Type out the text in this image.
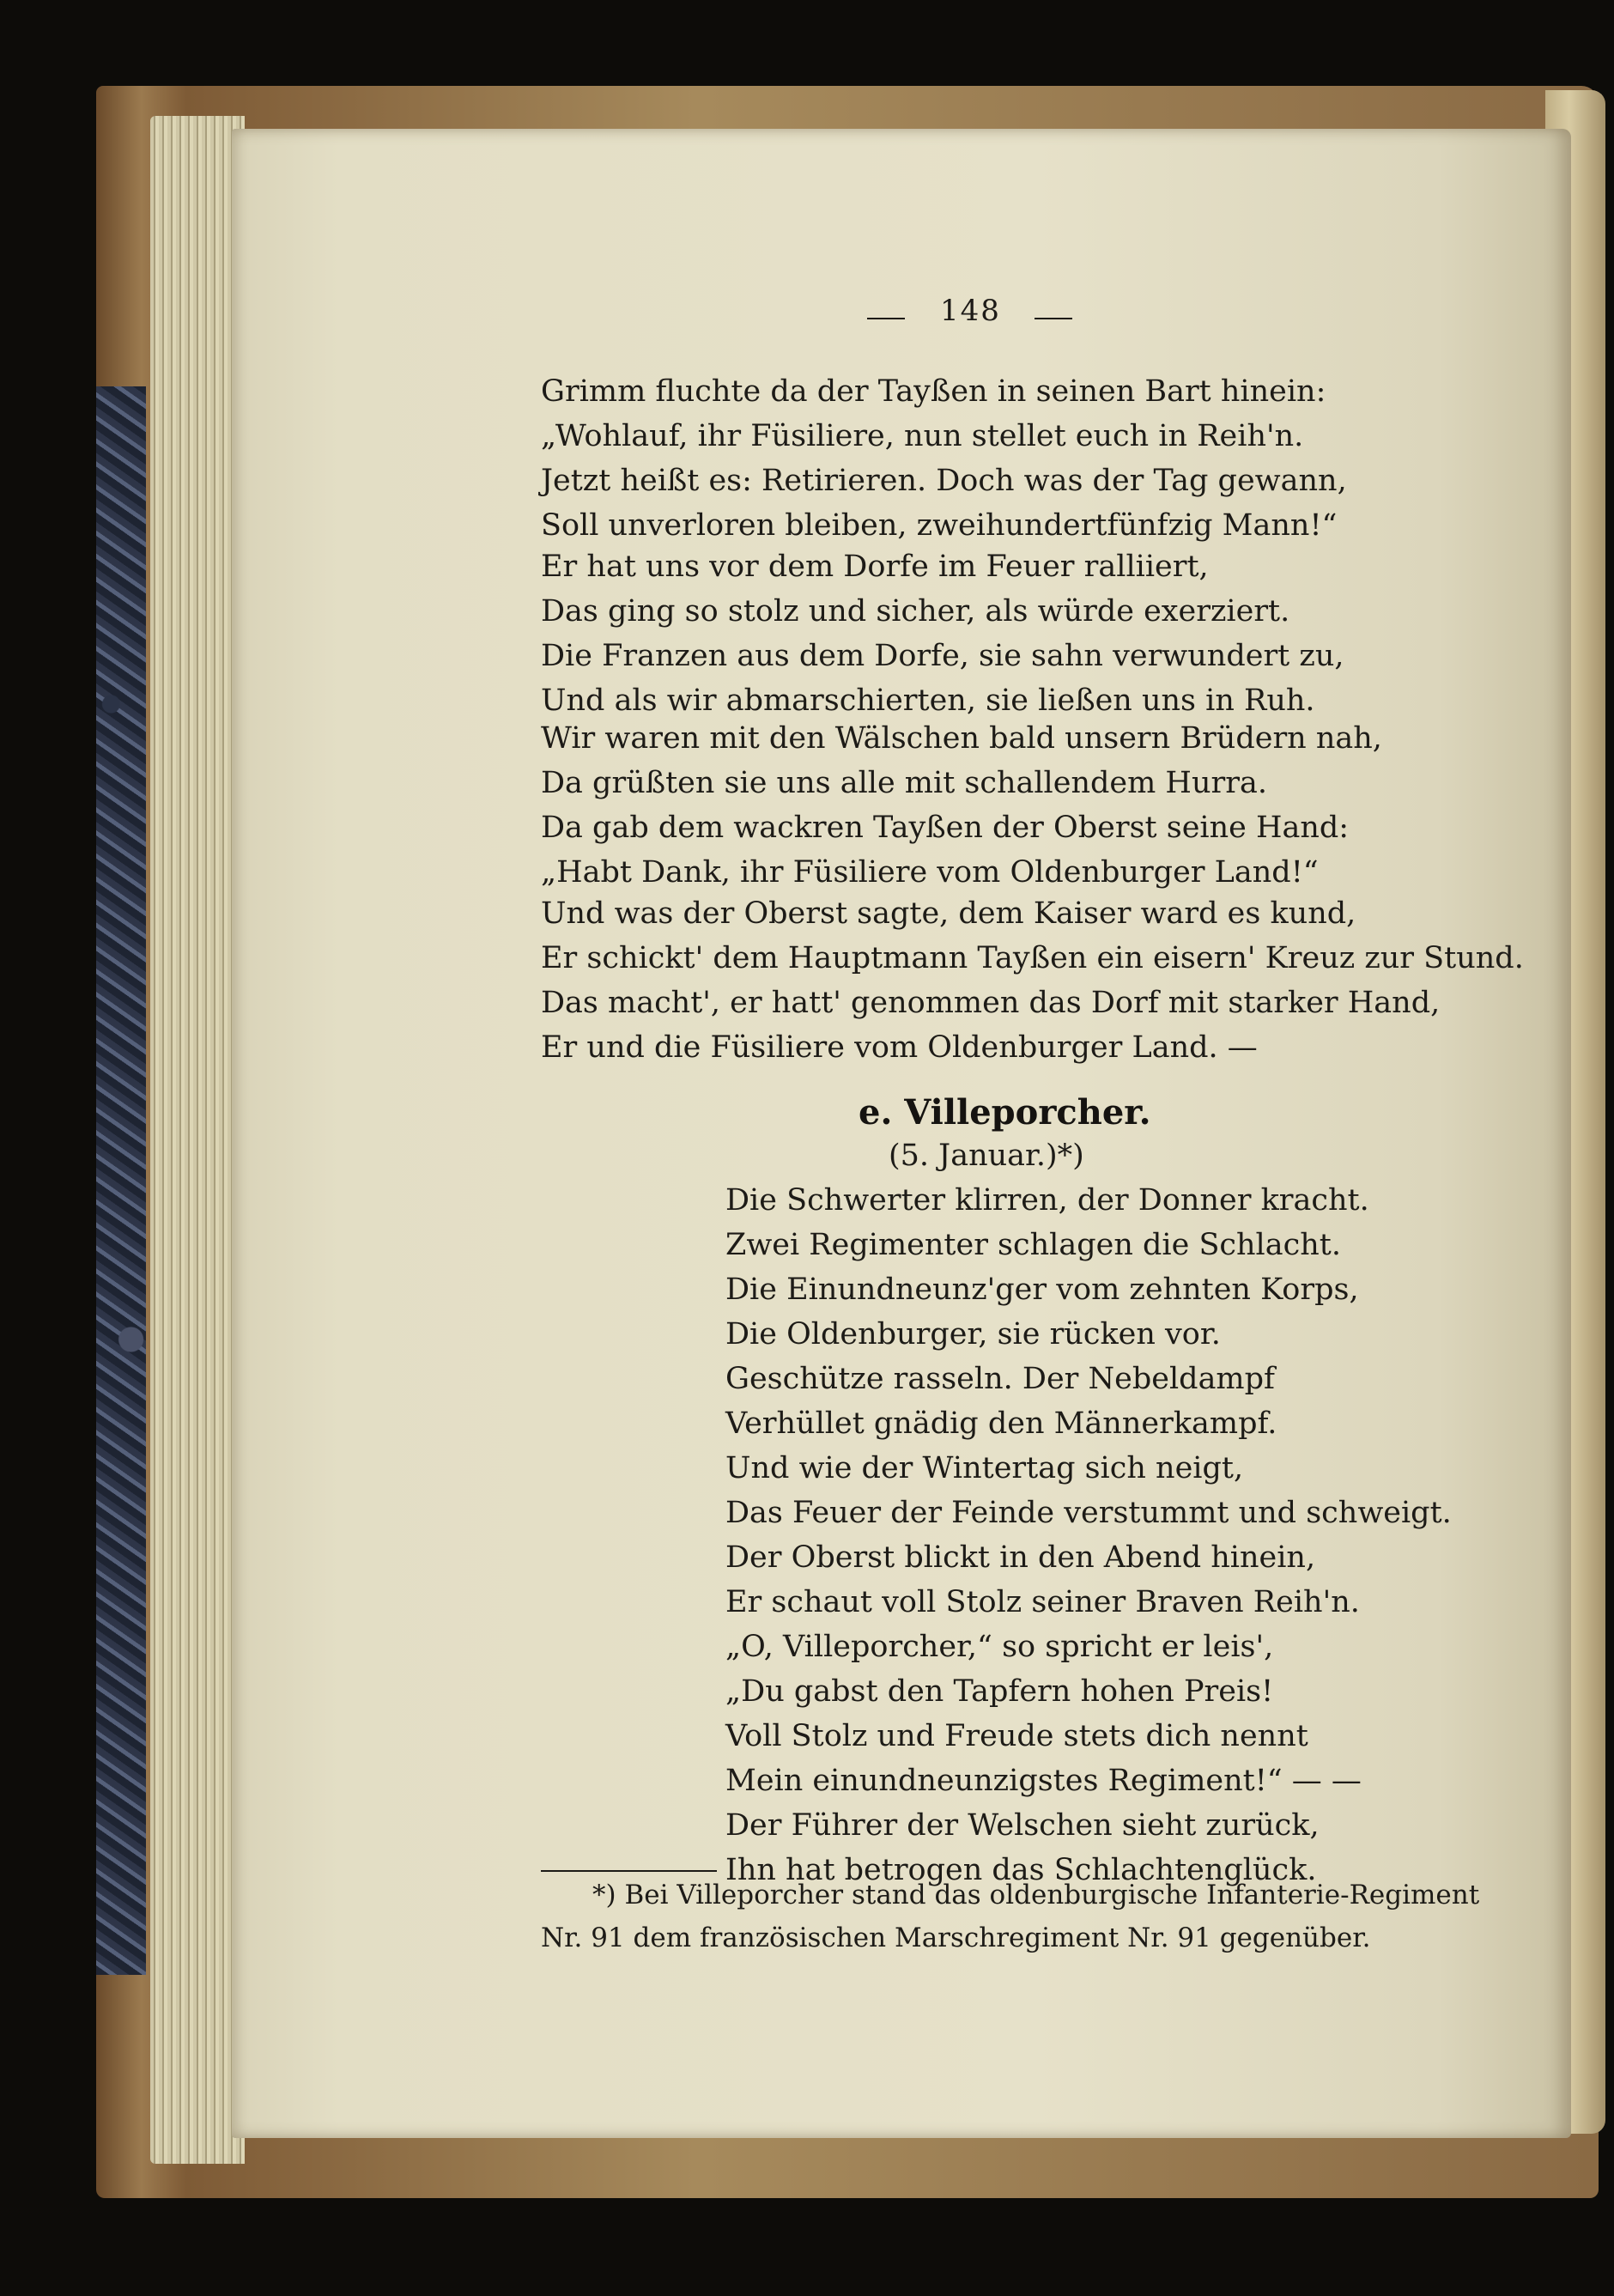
148
Grimm fluchte da der Tayßen in seinen Bart hinein:
„Wohlauf, ihr Füsiliere, nun stellet euch in Reih'n.
Jetzt heißt es: Retirieren. Doch was der Tag gewann,
Soll unverloren bleiben, zweihundertfünfzig Mann!“
Er hat uns vor dem Dorfe im Feuer ralliiert,
Das ging so stolz und sicher, als würde exerziert.
Die Franzen aus dem Dorfe, sie sahn verwundert zu,
Und als wir abmarschierten, sie ließen uns in Ruh.
Wir waren mit den Wälschen bald unsern Brüdern nah,
Da grüßten sie uns alle mit schallendem Hurra.
Da gab dem wackren Tayßen der Oberst seine Hand:
„Habt Dank, ihr Füsiliere vom Oldenburger Land!“
Und was der Oberst sagte, dem Kaiser ward es kund,
Er schickt' dem Hauptmann Tayßen ein eisern' Kreuz zur Stund.
Das macht', er hatt' genommen das Dorf mit starker Hand,
Er und die Füsiliere vom Oldenburger Land. —
e. Villeporcher.
(5. Januar.)*)
Die Schwerter klirren, der Donner kracht.
Zwei Regimenter schlagen die Schlacht.
Die Einundneunz'ger vom zehnten Korps,
Die Oldenburger, sie rücken vor.
Geschütze rasseln. Der Nebeldampf
Verhüllet gnädig den Männerkampf.
Und wie der Wintertag sich neigt,
Das Feuer der Feinde verstummt und schweigt.
Der Oberst blickt in den Abend hinein,
Er schaut voll Stolz seiner Braven Reih'n.
„O, Villeporcher,“ so spricht er leis',
„Du gabst den Tapfern hohen Preis!
Voll Stolz und Freude stets dich nennt
Mein einundneunzigstes Regiment!“ — —
Der Führer der Welschen sieht zurück,
Ihn hat betrogen das Schlachtenglück.
*) Bei Villeporcher stand das oldenburgische Infanterie-Regiment
Nr. 91 dem französischen Marschregiment Nr. 91 gegenüber.
